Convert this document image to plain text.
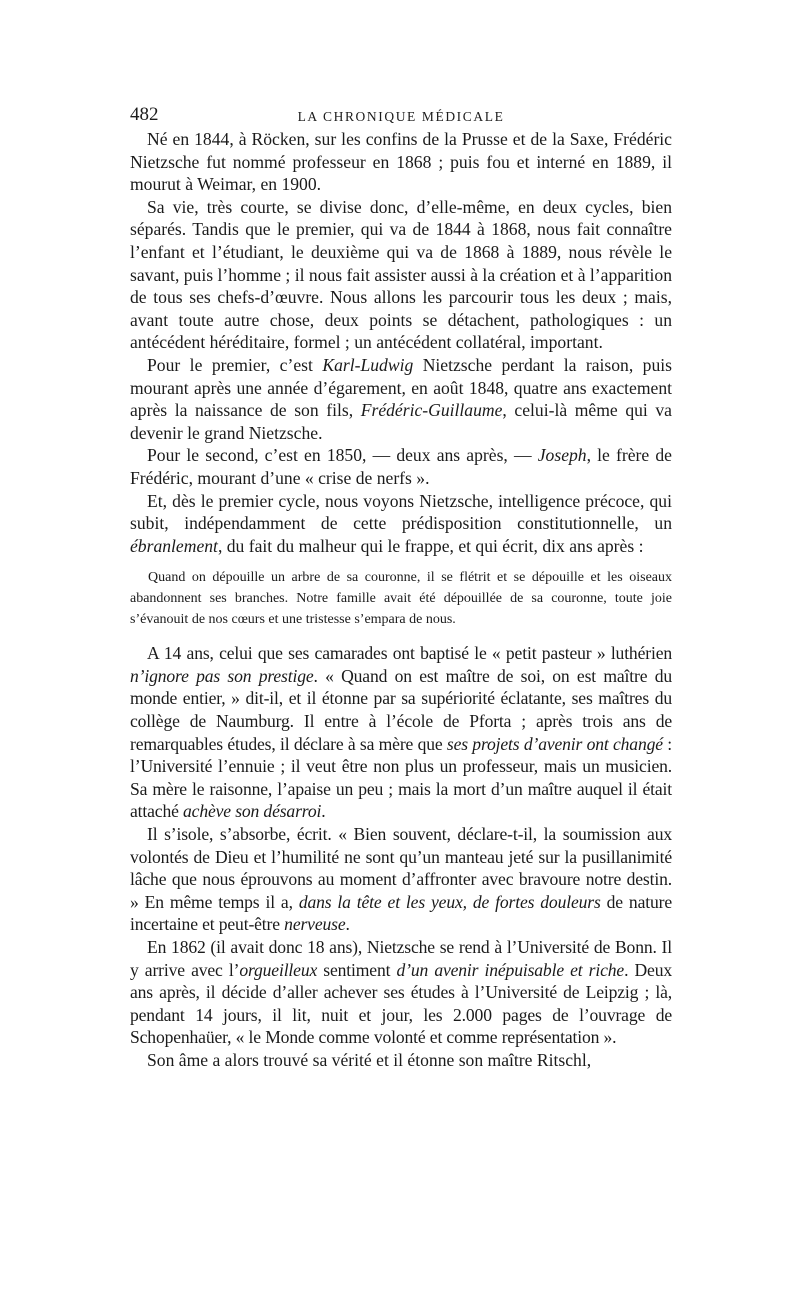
482	LA CHRONIQUE MÉDICALE

Né en 1844, à Röcken, sur les confins de la Prusse et de la Saxe, Frédéric Nietzsche fut nommé professeur en 1868 ; puis fou et interné en 1889, il mourut à Weimar, en 1900.

Sa vie, très courte, se divise donc, d’elle-même, en deux cycles, bien séparés. Tandis que le premier, qui va de 1844 à 1868, nous fait connaître l’enfant et l’étudiant, le deuxième qui va de 1868 à 1889, nous révèle le savant, puis l’homme ; il nous fait assister aussi à la création et à l’apparition de tous ses chefs-d’œuvre. Nous allons les parcourir tous les deux ; mais, avant toute autre chose, deux points se détachent, pathologiques : un antécédent héréditaire, formel ; un antécédent collatéral, important.

Pour le premier, c’est Karl-Ludwig Nietzsche perdant la raison, puis mourant après une année d’égarement, en août 1848, quatre ans exactement après la naissance de son fils, Frédéric-Guillaume, celui-là même qui va devenir le grand Nietzsche.

Pour le second, c’est en 1850, — deux ans après, — Joseph, le frère de Frédéric, mourant d’une « crise de nerfs ».

Et, dès le premier cycle, nous voyons Nietzsche, intelligence précoce, qui subit, indépendamment de cette prédisposition constitutionnelle, un ébranlement, du fait du malheur qui le frappe, et qui écrit, dix ans après :

Quand on dépouille un arbre de sa couronne, il se flétrit et se dépouille et les oiseaux abandonnent ses branches. Notre famille avait été dépouillée de sa couronne, toute joie s’évanouit de nos cœurs et une tristesse s’empara de nous.

A 14 ans, celui que ses camarades ont baptisé le « petit pasteur » luthérien n’ignore pas son prestige. « Quand on est maître de soi, on est maître du monde entier, » dit-il, et il étonne par sa supériorité éclatante, ses maîtres du collège de Naumburg. Il entre à l’école de Pforta ; après trois ans de remarquables études, il déclare à sa mère que ses projets d’avenir ont changé : l’Université l’ennuie ; il veut être non plus un professeur, mais un musicien. Sa mère le raisonne, l’apaise un peu ; mais la mort d’un maître auquel il était attaché achève son désarroi.

Il s’isole, s’absorbe, écrit. « Bien souvent, déclare-t-il, la soumission aux volontés de Dieu et l’humilité ne sont qu’un manteau jeté sur la pusillanimité lâche que nous éprouvons au moment d’affronter avec bravoure notre destin. » En même temps il a, dans la tête et les yeux, de fortes douleurs de nature incertaine et peut-être nerveuse.

En 1862 (il avait donc 18 ans), Nietzsche se rend à l’Université de Bonn. Il y arrive avec l’orgueilleux sentiment d’un avenir inépuisable et riche. Deux ans après, il décide d’aller achever ses études à l’Université de Leipzig ; là, pendant 14 jours, il lit, nuit et jour, les 2.000 pages de l’ouvrage de Schopenhaüer, « le Monde comme volonté et comme représentation ».

Son âme a alors trouvé sa vérité et il étonne son maître Ritschl,
